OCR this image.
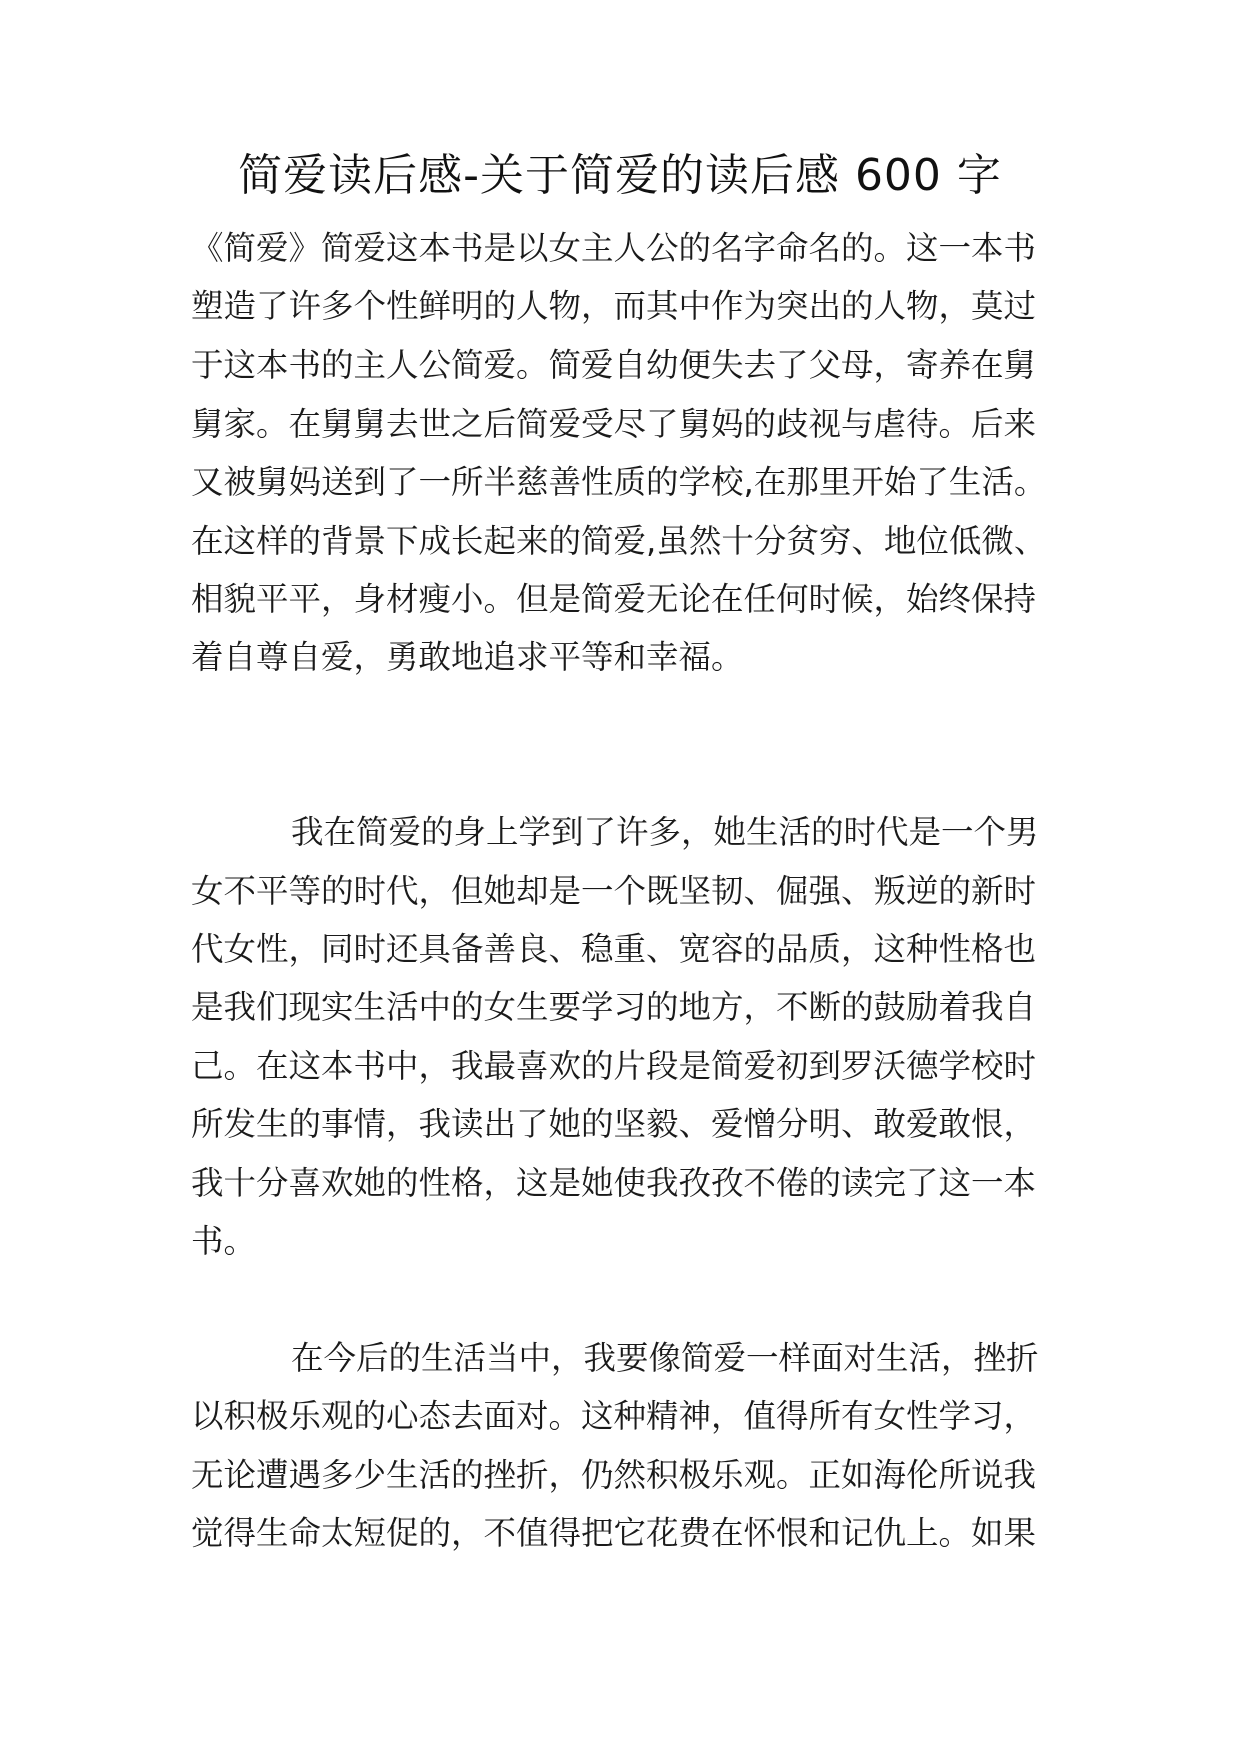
简爱读后感-关于简爱的读后感 600 字
《简爱》简爱这本书是以女主人公的名字命名的。这一本书
塑造了许多个性鲜明的人物，而其中作为突出的人物，莫过
于这本书的主人公简爱。简爱自幼便失去了父母，寄养在舅
舅家。在舅舅去世之后简爱受尽了舅妈的歧视与虐待。后来
又被舅妈送到了一所半慈善性质的学校,在那里开始了生活。
在这样的背景下成长起来的简爱,虽然十分贫穷、地位低微、
相貌平平，身材瘦小。但是简爱无论在任何时候，始终保持
着自尊自爱，勇敢地追求平等和幸福。
我在简爱的身上学到了许多，她生活的时代是一个男
女不平等的时代，但她却是一个既坚韧、倔强、叛逆的新时
代女性，同时还具备善良、稳重、宽容的品质，这种性格也
是我们现实生活中的女生要学习的地方，不断的鼓励着我自
己。在这本书中，我最喜欢的片段是简爱初到罗沃德学校时
所发生的事情，我读出了她的坚毅、爱憎分明、敢爱敢恨，
我十分喜欢她的性格，这是她使我孜孜不倦的读完了这一本
书。
在今后的生活当中，我要像简爱一样面对生活，挫折
以积极乐观的心态去面对。这种精神，值得所有女性学习，
无论遭遇多少生活的挫折，仍然积极乐观。正如海伦所说我
觉得生命太短促的，不值得把它花费在怀恨和记仇上。如果
